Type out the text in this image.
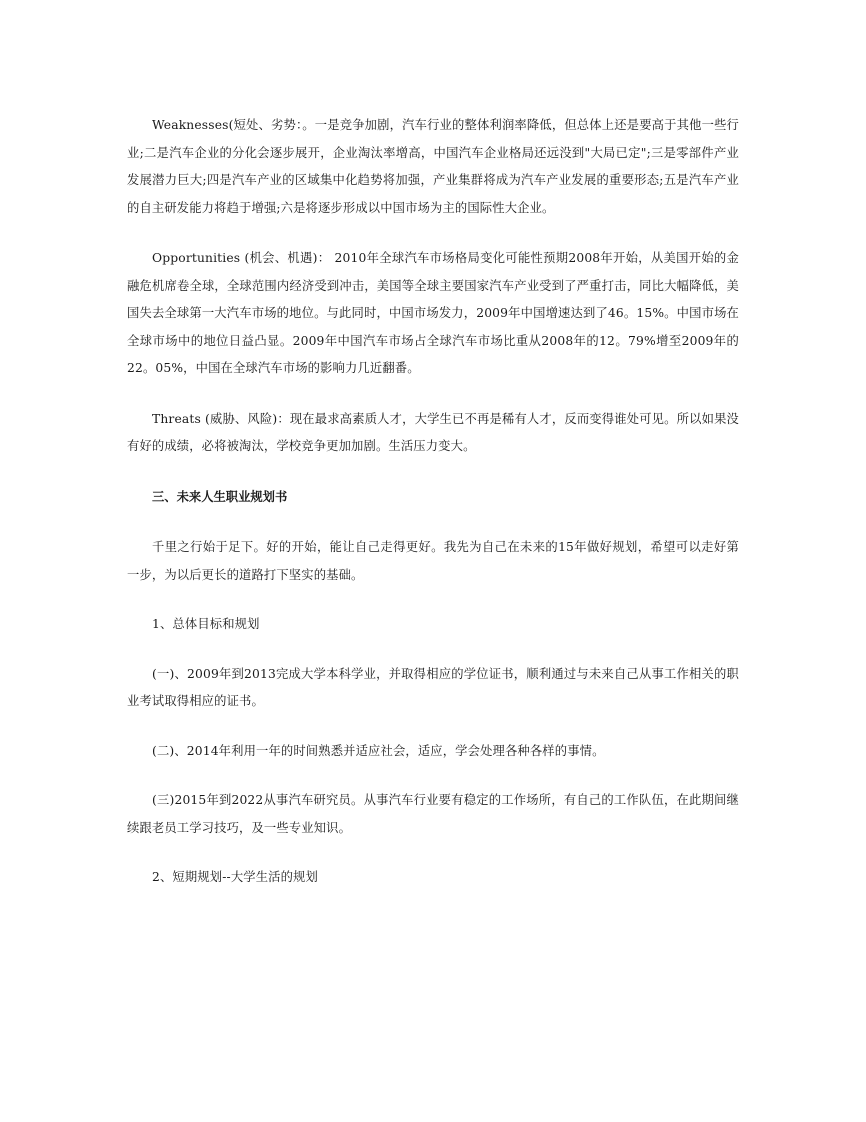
Weaknesses(短处、劣势：。一是竞争加剧，汽车行业的整体利润率降低，但总体上还是要高于其他一些行业;二是汽车企业的分化会逐步展开，企业淘汰率增高，中国汽车企业格局还远没到"大局已定";三是零部件产业发展潜力巨大;四是汽车产业的区域集中化趋势将加强，产业集群将成为汽车产业发展的重要形态;五是汽车产业的自主研发能力将趋于增强;六是将逐步形成以中国市场为主的国际性大企业。

Opportunities (机会、机遇)： 2010年全球汽车市场格局变化可能性预期2008年开始，从美国开始的金融危机席卷全球，全球范围内经济受到冲击，美国等全球主要国家汽车产业受到了严重打击，同比大幅降低，美国失去全球第一大汽车市场的地位。与此同时，中国市场发力，2009年中国增速达到了46。15%。中国市场在全球市场中的地位日益凸显。2009年中国汽车市场占全球汽车市场比重从2008年的12。79%增至2009年的22。05%，中国在全球汽车市场的影响力几近翻番。

Threats (威胁、风险)：现在最求高素质人才，大学生已不再是稀有人才，反而变得谁处可见。所以如果没有好的成绩，必将被淘汰，学校竞争更加加剧。生活压力变大。

三、未来人生职业规划书

千里之行始于足下。好的开始，能让自己走得更好。我先为自己在未来的15年做好规划，希望可以走好第一步，为以后更长的道路打下坚实的基础。

1、总体目标和规划

(一)、2009年到2013完成大学本科学业，并取得相应的学位证书，顺利通过与未来自己从事工作相关的职业考试取得相应的证书。

(二)、2014年利用一年的时间熟悉并适应社会，适应，学会处理各种各样的事情。

(三)2015年到2022从事汽车研究员。从事汽车行业要有稳定的工作场所，有自己的工作队伍，在此期间继续跟老员工学习技巧，及一些专业知识。

2、短期规划--大学生活的规划
